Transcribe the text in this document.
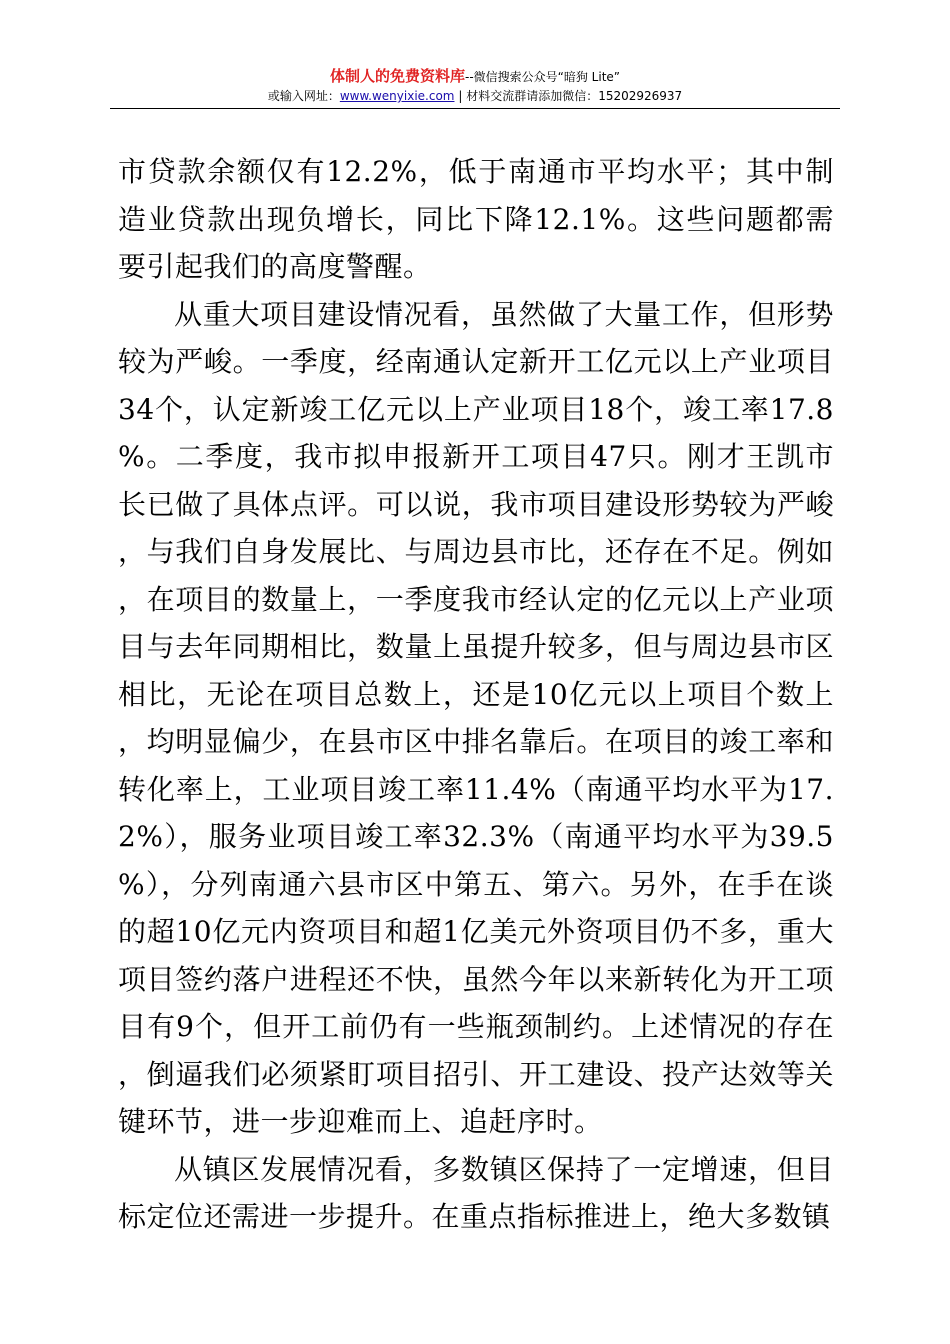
体制人的免费资料库--微信搜索公众号“暗狗 Lite”
或输入网址：www.wenyixie.com | 材料交流群请添加微信：15202926937

市贷款余额仅有12.2%，低于南通市平均水平；其中制造业贷款出现负增长，同比下降12.1%。这些问题都需要引起我们的高度警醒。

从重大项目建设情况看，虽然做了大量工作，但形势较为严峻。一季度，经南通认定新开工亿元以上产业项目34个，认定新竣工亿元以上产业项目18个，竣工率17.8%。二季度，我市拟申报新开工项目47只。刚才王凯市长已做了具体点评。可以说，我市项目建设形势较为严峻，与我们自身发展比、与周边县市比，还存在不足。例如，在项目的数量上，一季度我市经认定的亿元以上产业项目与去年同期相比，数量上虽提升较多，但与周边县市区相比，无论在项目总数上，还是10亿元以上项目个数上，均明显偏少，在县市区中排名靠后。在项目的竣工率和转化率上，工业项目竣工率11.4%（南通平均水平为17.2%），服务业项目竣工率32.3%（南通平均水平为39.5%），分列南通六县市区中第五、第六。另外，在手在谈的超10亿元内资项目和超1亿美元外资项目仍不多，重大项目签约落户进程还不快，虽然今年以来新转化为开工项目有9个，但开工前仍有一些瓶颈制约。上述情况的存在，倒逼我们必须紧盯项目招引、开工建设、投产达效等关键环节，进一步迎难而上、追赶序时。

从镇区发展情况看，多数镇区保持了一定增速，但目标定位还需进一步提升。在重点指标推进上，绝大多数镇
